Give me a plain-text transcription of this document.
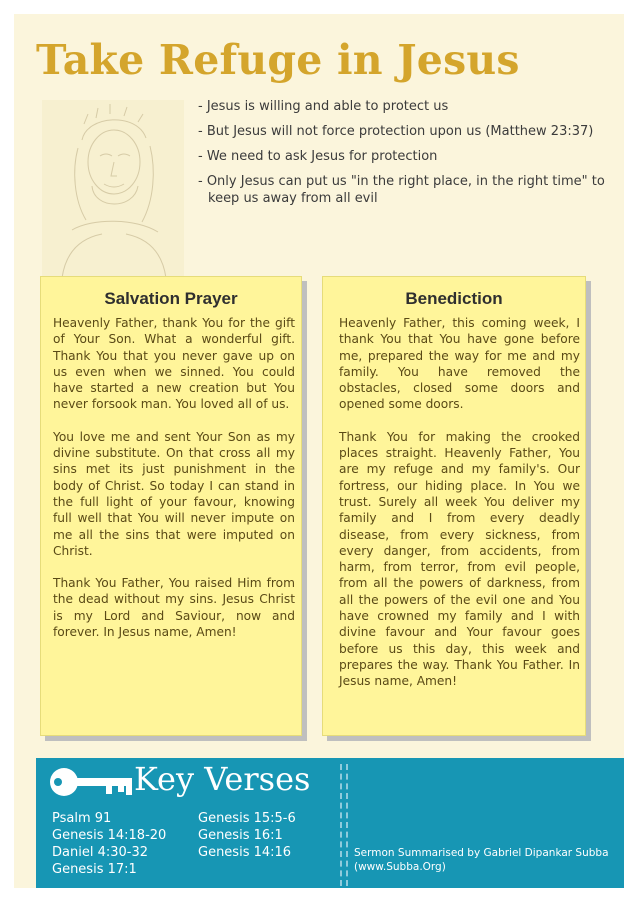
Take Refuge in Jesus

- Jesus is willing and able to protect us

- But Jesus will not force protection upon us (Matthew 23:37)

- We need to ask Jesus for protection

- Only Jesus can put us "in the right place, in the right time" to

keep us away from all evil

Salvation Prayer

Heavenly Father, thank You for the gift of Your Son. What a wonderful gift. Thank You that you never gave up on us even when we sinned. You could have started a new creation but You never forsook man. You loved all of us.

You love me and sent Your Son as my divine substitute. On that cross all my sins met its just punishment in the body of Christ. So today I can stand in the full light of your favour, knowing full well that You will never impute on me all the sins that were imputed on Christ.

Thank You Father, You raised Him from the dead without my sins. Jesus Christ is my Lord and Saviour, now and forever. In Jesus name, Amen!

Benediction

Heavenly Father, this coming week, I thank You that You have gone before me, prepared the way for me and my family. You have removed the obstacles, closed some doors and opened some doors.

Thank You for making the crooked places straight. Heavenly Father, You are my refuge and my family's. Our fortress, our hiding place. In You we trust. Surely all week You deliver my family and I from every deadly disease, from every sickness, from every danger, from accidents, from harm, from terror, from evil people, from all the powers of darkness, from all the powers of the evil one and You have crowned my family and I with divine favour and Your favour goes before us this day, this week and prepares the way. Thank You Father. In Jesus name, Amen!

Key Verses
Psalm 91
Genesis 14:18-20
Daniel 4:30-32
Genesis 17:1
Genesis 15:5-6
Genesis 16:1
Genesis 14:16	Sermon Summarised by Gabriel Dipankar Subba
(www.Subba.Org)
